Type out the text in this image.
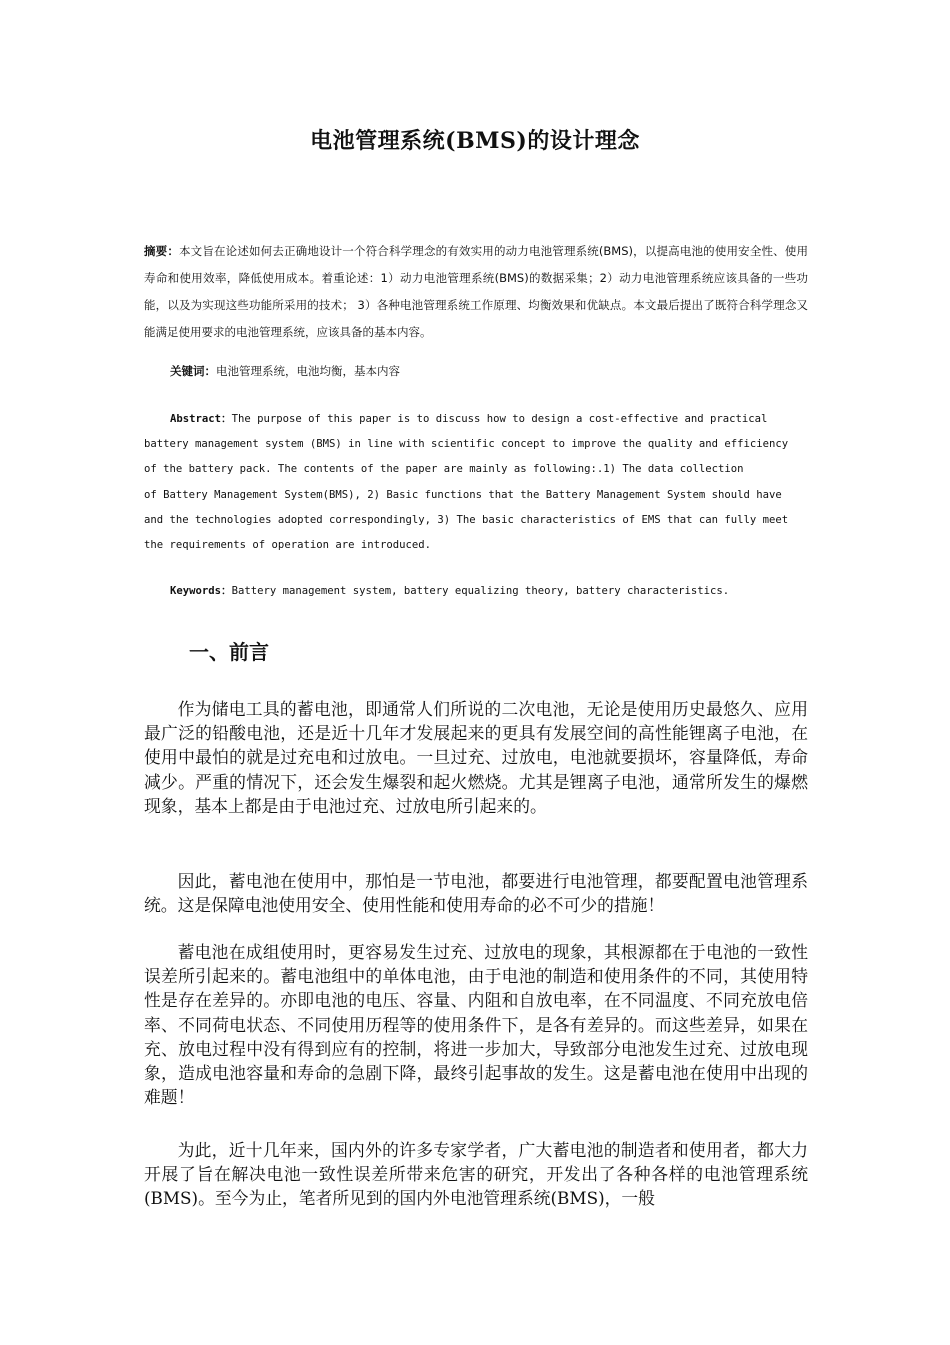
电池管理系统(BMS)的设计理念
摘要：本文旨在论述如何去正确地设计一个符合科学理念的有效实用的动力电池管理系统(BMS)，以提高电池的使用安全性、使用寿命和使用效率，降低使用成本。着重论述：1）动力电池管理系统(BMS)的数据采集；2）动力电池管理系统应该具备的一些功能，以及为实现这些功能所采用的技术； 3）各种电池管理系统工作原理、均衡效果和优缺点。本文最后提出了既符合科学理念又能满足使用要求的电池管理系统，应该具备的基本内容。
关键词：电池管理系统，电池均衡，基本内容
Abstract：The purpose of this paper is to discuss how to design a cost-effective and practical
battery management system (BMS) in line with scientific concept to improve the quality and efficiency
of the battery pack. The contents of the paper are mainly as following:.1) The data collection
of Battery Management System(BMS), 2) Basic functions that the Battery Management System should have
and the technologies adopted correspondingly, 3) The basic characteristics of EMS that can fully meet
the requirements of operation are introduced.
Keywords：Battery management system, battery equalizing theory, battery characteristics.
一、前言

作为储电工具的蓄电池，即通常人们所说的二次电池，无论是使用历史最悠久、应用最广泛的铅酸电池，还是近十几年才发展起来的更具有发展空间的高性能锂离子电池，在使用中最怕的就是过充电和过放电。一旦过充、过放电，电池就要损坏，容量降低，寿命减少。严重的情况下，还会发生爆裂和起火燃烧。尤其是锂离子电池，通常所发生的爆燃现象，基本上都是由于电池过充、过放电所引起来的。

因此，蓄电池在使用中，那怕是一节电池，都要进行电池管理，都要配置电池管理系统。这是保障电池使用安全、使用性能和使用寿命的必不可少的措施！

蓄电池在成组使用时，更容易发生过充、过放电的现象，其根源都在于电池的一致性误差所引起来的。蓄电池组中的单体电池，由于电池的制造和使用条件的不同，其使用特性是存在差异的。亦即电池的电压、容量、内阻和自放电率，在不同温度、不同充放电倍率、不同荷电状态、不同使用历程等的使用条件下，是各有差异的。而这些差异，如果在充、放电过程中没有得到应有的控制，将进一步加大，导致部分电池发生过充、过放电现象，造成电池容量和寿命的急剧下降，最终引起事故的发生。这是蓄电池在使用中出现的难题！

为此，近十几年来，国内外的许多专家学者，广大蓄电池的制造者和使用者，都大力开展了旨在解决电池一致性误差所带来危害的研究，开发出了各种各样的电池管理系统(BMS)。至今为止，笔者所见到的国内外电池管理系统(BMS)，一般
